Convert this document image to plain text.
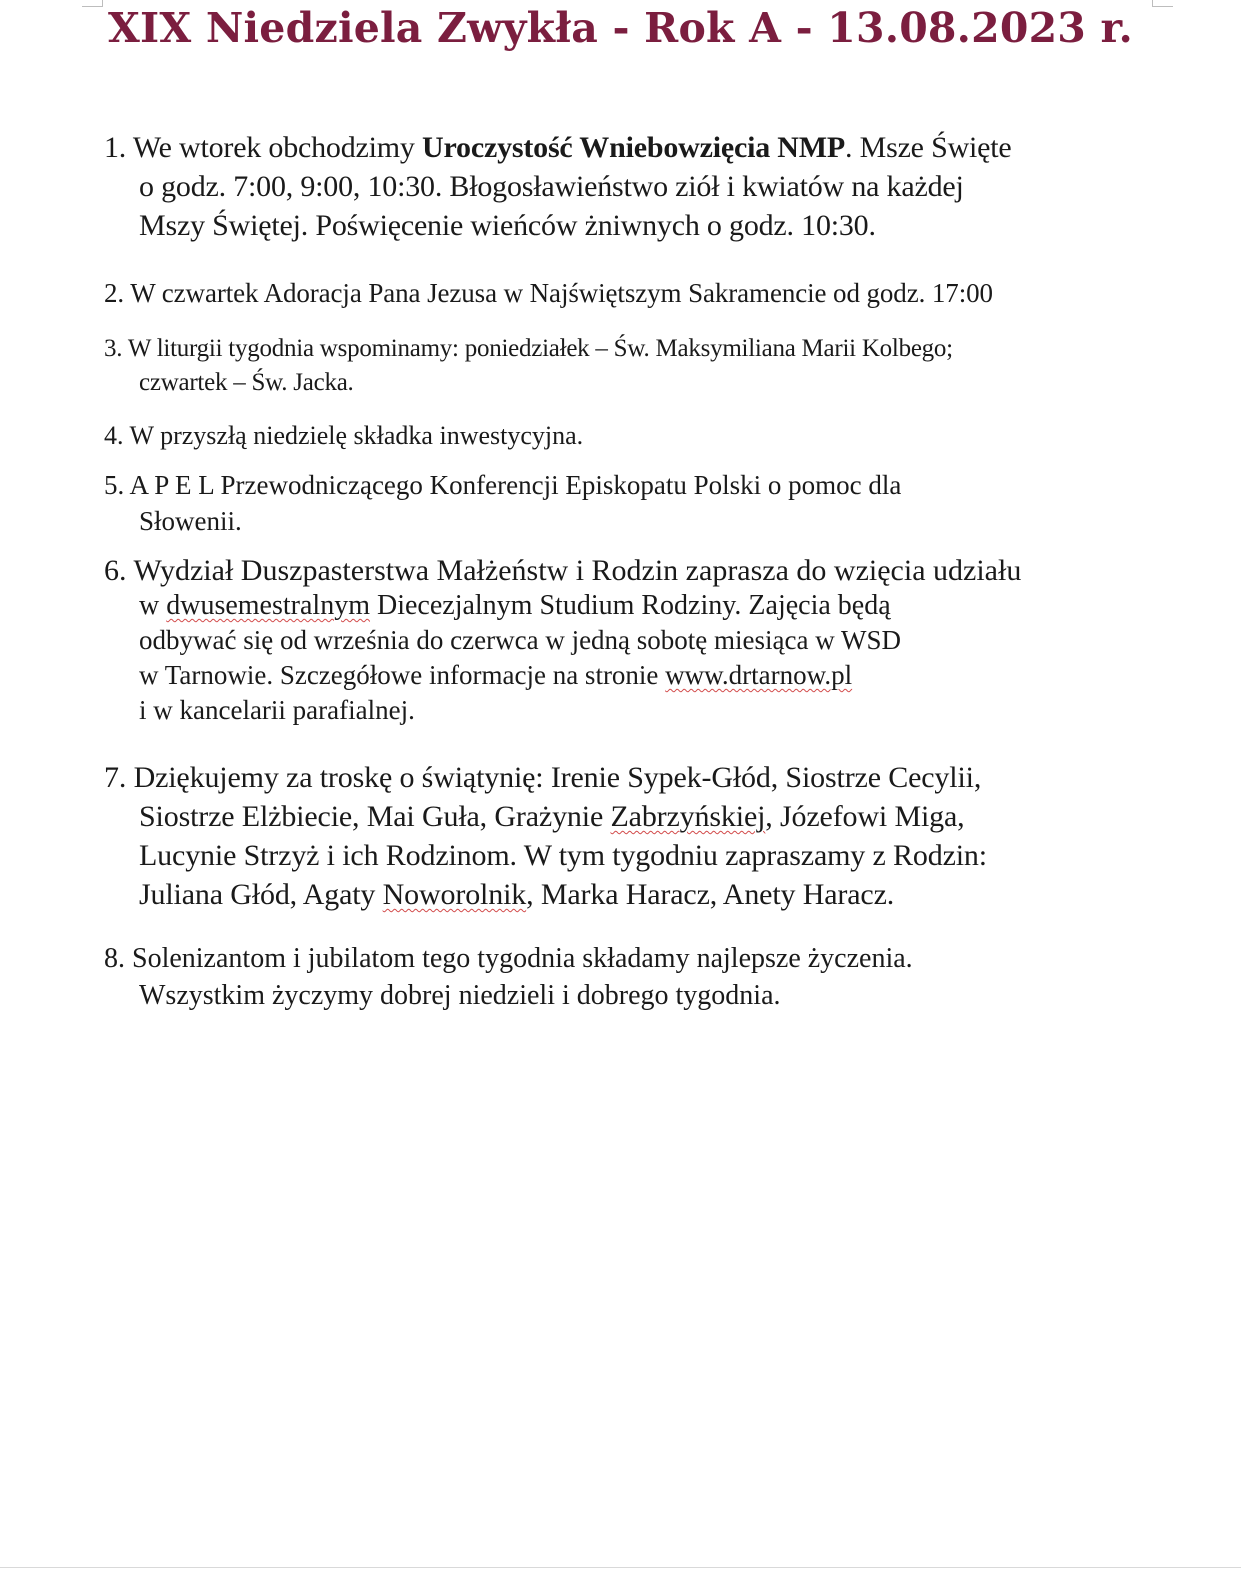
XIX Niedziela Zwykła - Rok A - 13.08.2023 r.
1. We wtorek obchodzimy Uroczystość Wniebowzięcia NMP. Msze Święte
o godz. 7:00, 9:00, 10:30. Błogosławieństwo ziół i kwiatów na każdej
Mszy Świętej. Poświęcenie wieńców żniwnych o godz. 10:30.
2. W czwartek Adoracja Pana Jezusa w Najświętszym Sakramencie od godz. 17:00
3. W liturgii tygodnia wspominamy: poniedziałek – Św. Maksymiliana Marii Kolbego;
czwartek – Św. Jacka.
4. W przyszłą niedzielę składka inwestycyjna.
5. A P E L Przewodniczącego Konferencji Episkopatu Polski o pomoc dla
Słowenii.
6. Wydział Duszpasterstwa Małżeństw i Rodzin zaprasza do wzięcia udziału
w dwusemestralnym Diecezjalnym Studium Rodziny. Zajęcia będą
odbywać się od września do czerwca w jedną sobotę miesiąca w WSD
w Tarnowie. Szczegółowe informacje na stronie www.drtarnow.pl
i w kancelarii parafialnej.
7. Dziękujemy za troskę o świątynię: Irenie Sypek-Głód, Siostrze Cecylii,
Siostrze Elżbiecie, Mai Guła, Grażynie Zabrzyńskiej, Józefowi Miga,
Lucynie Strzyż i ich Rodzinom. W tym tygodniu zapraszamy z Rodzin:
Juliana Głód, Agaty Noworolnik, Marka Haracz, Anety Haracz.
8. Solenizantom i jubilatom tego tygodnia składamy najlepsze życzenia.
Wszystkim życzymy dobrej niedzieli i dobrego tygodnia.
